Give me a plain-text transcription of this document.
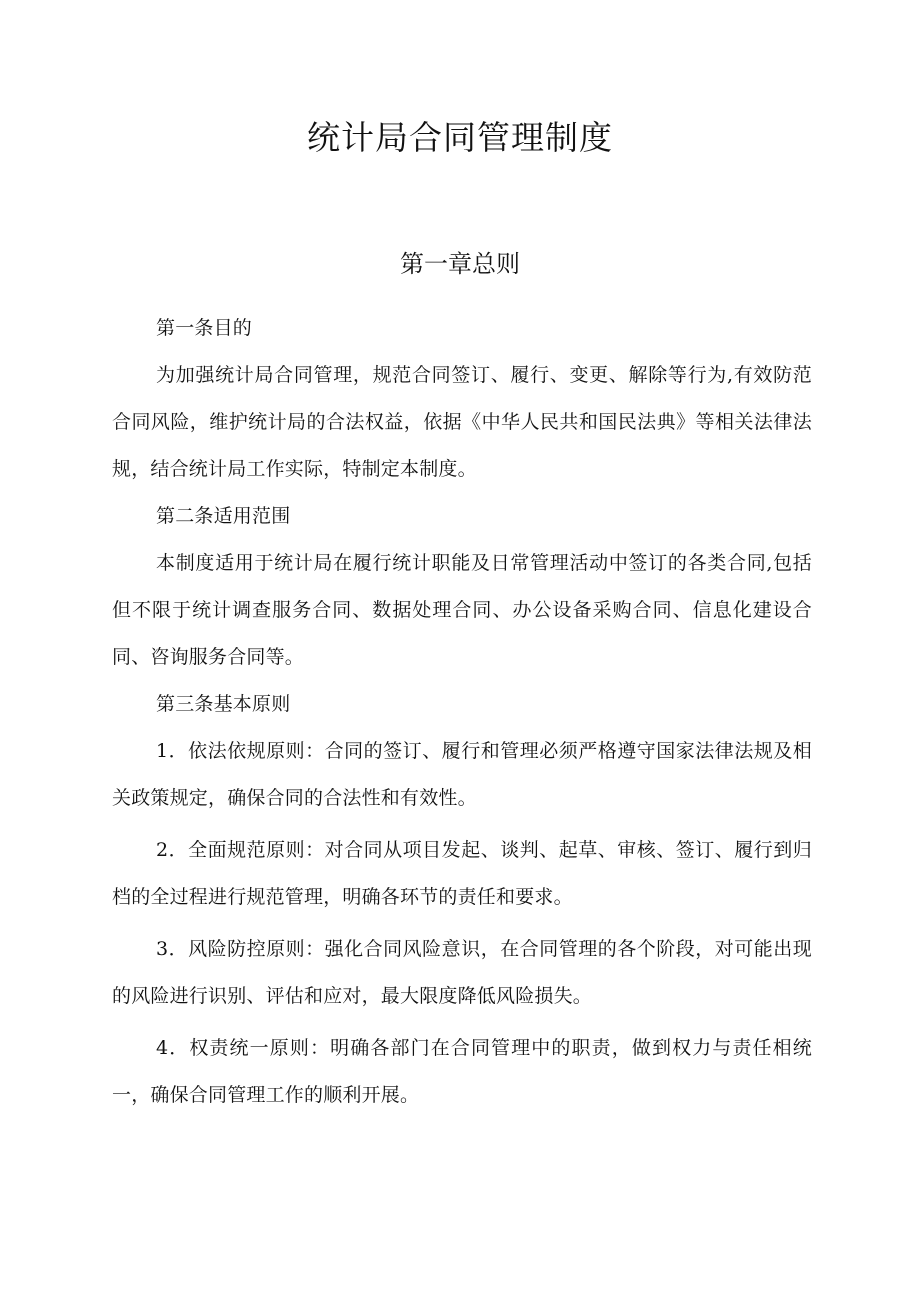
统计局合同管理制度
第一章总则

第一条目的

为加强统计局合同管理，规范合同签订、履行、变更、解除等行为,有效防范合同风险，维护统计局的合法权益，依据《中华人民共和国民法典》等相关法律法规，结合统计局工作实际，特制定本制度。

第二条适用范围

本制度适用于统计局在履行统计职能及日常管理活动中签订的各类合同,包括但不限于统计调查服务合同、数据处理合同、办公设备采购合同、信息化建设合同、咨询服务合同等。

第三条基本原则

1．依法依规原则：合同的签订、履行和管理必须严格遵守国家法律法规及相关政策规定，确保合同的合法性和有效性。

2．全面规范原则：对合同从项目发起、谈判、起草、审核、签订、履行到归档的全过程进行规范管理，明确各环节的责任和要求。

3．风险防控原则：强化合同风险意识，在合同管理的各个阶段，对可能出现的风险进行识别、评估和应对，最大限度降低风险损失。

4．权责统一原则：明确各部门在合同管理中的职责，做到权力与责任相统一，确保合同管理工作的顺利开展。
